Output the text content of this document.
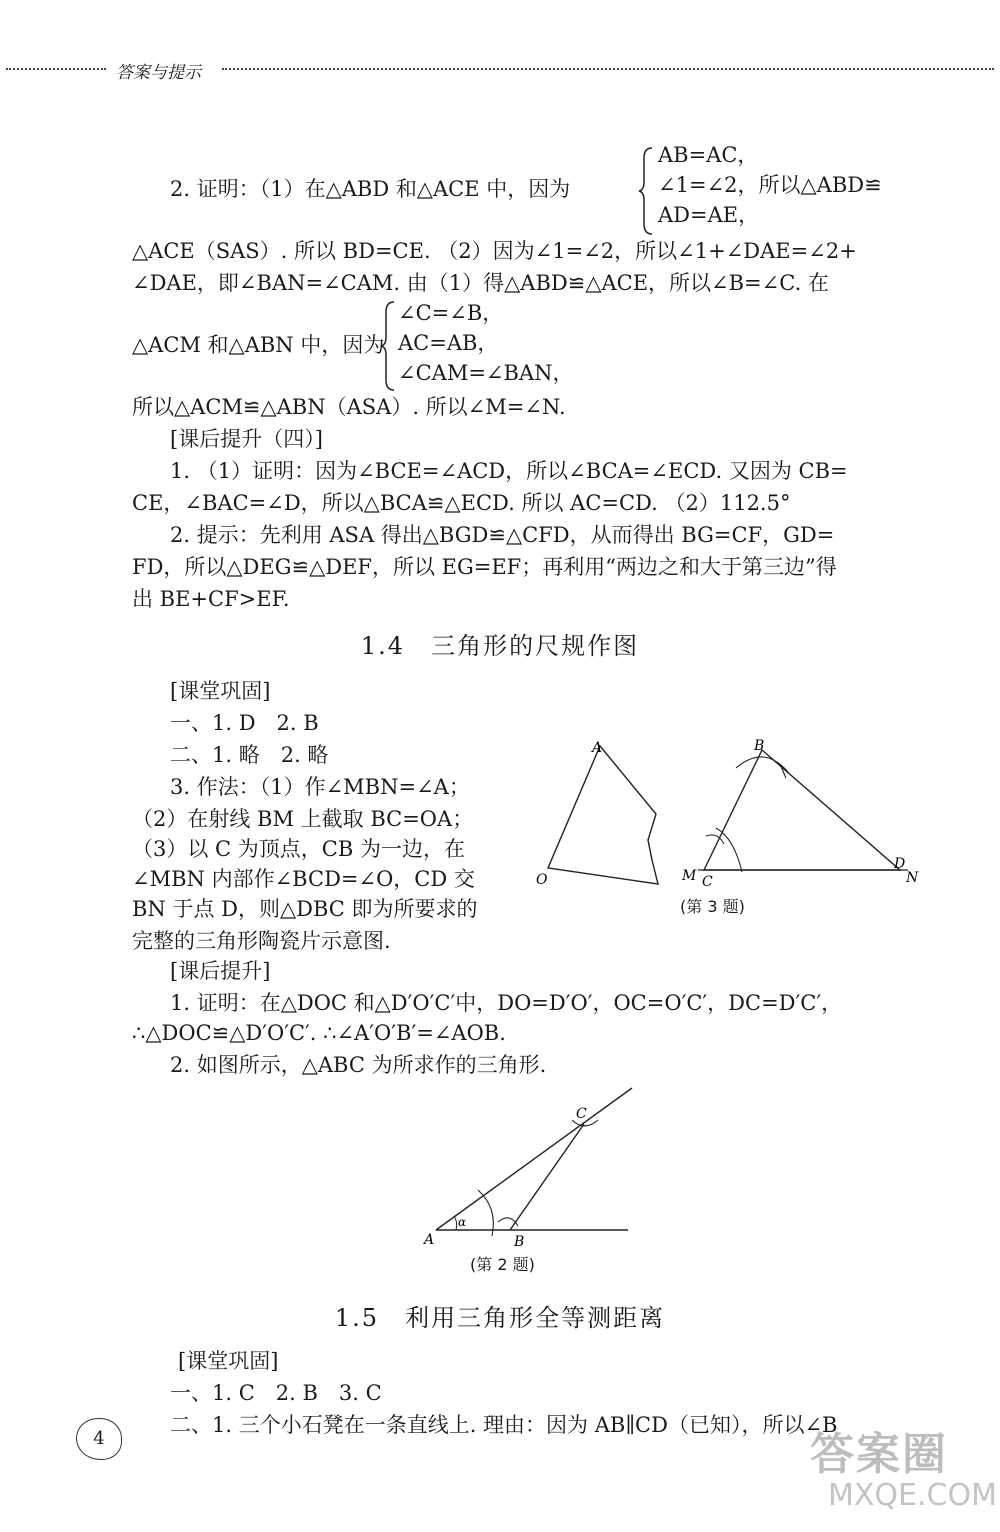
答案与提示
2. 证明：（1）在△ABD 和△ACE 中，因为
AB=AC，
∠1=∠2，所以△ABD≌
AD=AE，
△ACE（SAS）. 所以 BD=CE. （2）因为∠1=∠2，所以∠1+∠DAE=∠2+
∠DAE，即∠BAN=∠CAM. 由（1）得△ABD≌△ACE，所以∠B=∠C. 在
△ACM 和△ABN 中，因为
∠C=∠B，
AC=AB，
∠CAM=∠BAN，
所以△ACM≌△ABN（ASA）. 所以∠M=∠N.
[课后提升（四）]
1. （1）证明：因为∠BCE=∠ACD，所以∠BCA=∠ECD. 又因为 CB=
CE，∠BAC=∠D，所以△BCA≌△ECD. 所以 AC=CD. （2）112.5°
2. 提示：先利用 ASA 得出△BGD≌△CFD，从而得出 BG=CF，GD=
FD，所以△DEG≌△DEF，所以 EG=EF；再利用“两边之和大于第三边”得
出 BE+CF>EF.
1.4　三角形的尺规作图
[课堂巩固]
一、1. D　2. B
二、1. 略　2. 略
3. 作法：（1）作∠MBN=∠A；
（2）在射线 BM 上截取 BC=OA；
（3）以 C 为顶点，CB 为一边，在
∠MBN 内部作∠BCD=∠O，CD 交
BN 于点 D，则△DBC 即为所要求的
完整的三角形陶瓷片示意图.
A
O
B
M C
D
N
(第 3 题)
[课后提升]
1. 证明：在△DOC 和△D′O′C′中，DO=D′O′，OC=O′C′，DC=D′C′，
∴△DOC≌△D′O′C′. ∴∠A′O′B′=∠AOB.
2. 如图所示，△ABC 为所求作的三角形.
α
A	B
C
(第 2 题)
1.5　利用三角形全等测距离
[课堂巩固]
一、1. C　2. B　3. C
二、1. 三个小石凳在一条直线上. 理由：因为 AB∥CD（已知），所以∠B
4	答案圈
MXQE.COM
